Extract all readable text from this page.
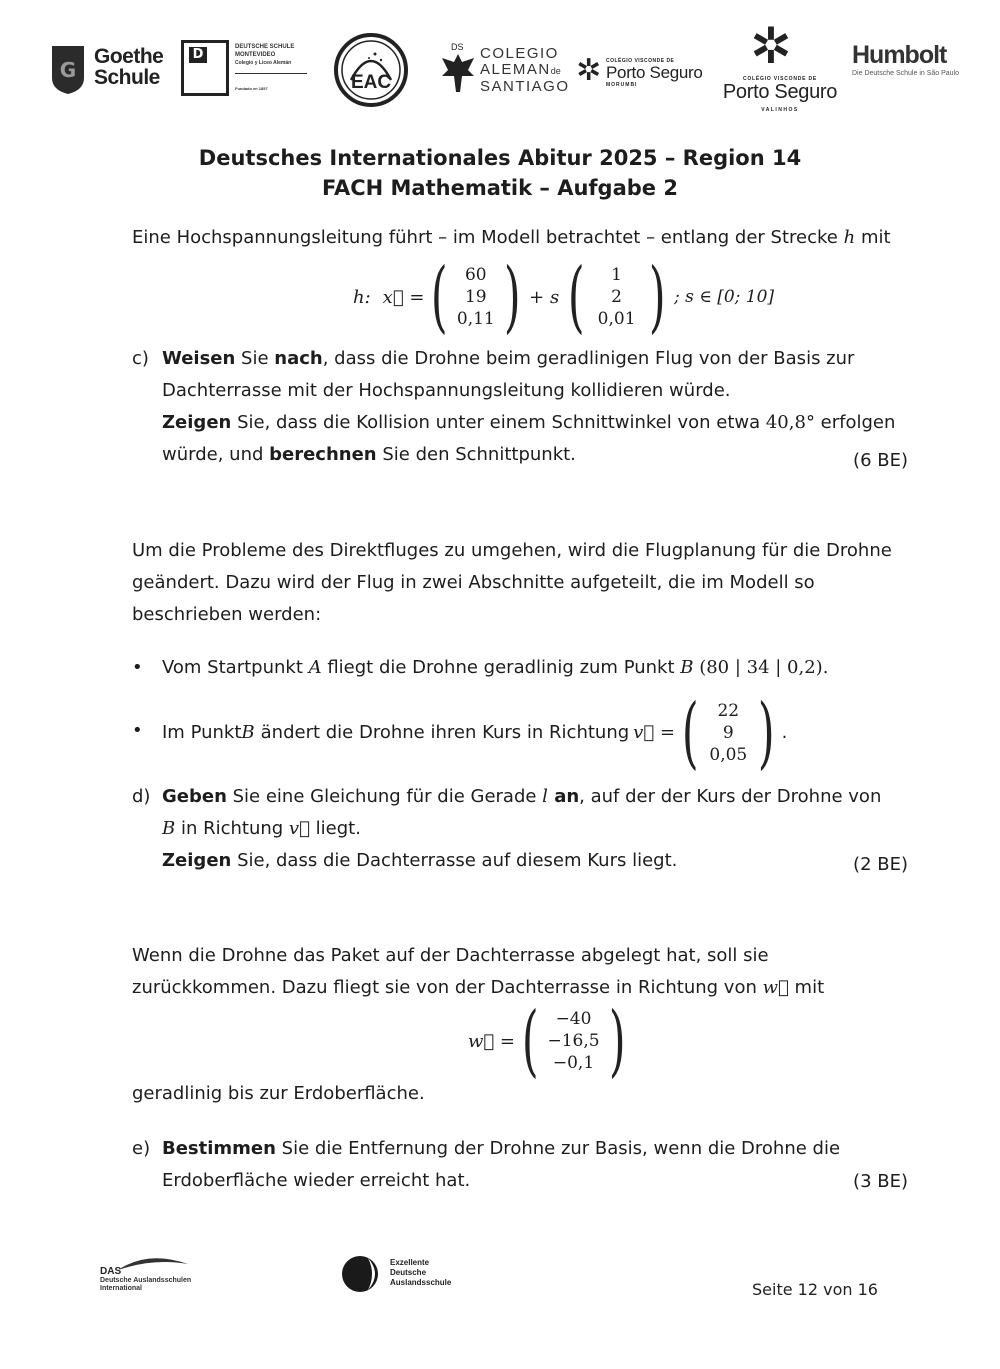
G
Goethe
Schule
D	DEUTSCHE SCHULE
MONTEVIDEO
Colegio y Liceo Alemán
Fundado en 1857	EAC
DS COLEGIO
ALEMANde
SANTIAGO ✲ COLÉGIO VISCONDE DE
Porto Seguro
MORUMBI
✲
COLÉGIO VISCONDE DE
Porto Seguro
VALINHOS
Humbolt
Die Deutsche Schule in São Paulo
Deutsches Internationales Abitur 2025 – Region 14
FACH Mathematik – Aufgabe 2
Eine Hochspannungsleitung führt – im Modell betrachtet – entlang der Strecke h mit
h: x⃗ = ( 60
19
0,11 ) + s ( 1
2
0,01 ) ; s ∈ [0; 10]
c) Weisen Sie nach, dass die Drohne beim geradlinigen Flug von der Basis zur
Dachterrasse mit der Hochspannungsleitung kollidieren würde.
Zeigen Sie, dass die Kollision unter einem Schnittwinkel von etwa 40,8° erfolgen
würde, und berechnen Sie den Schnittpunkt.	(6 BE)
Um die Probleme des Direktfluges zu umgehen, wird die Flugplanung für die Drohne
geändert. Dazu wird der Flug in zwei Abschnitte aufgeteilt, die im Modell so
beschrieben werden:
• Vom Startpunkt A fliegt die Drohne geradlinig zum Punkt B (80 | 34 | 0,2).
• Im Punkt B ändert die Drohne ihren Kurs in Richtung v⃗ = ( 22
9
0,05 ) .
d) Geben Sie eine Gleichung für die Gerade l an, auf der der Kurs der Drohne von
B in Richtung v⃗ liegt.
Zeigen Sie, dass die Dachterrasse auf diesem Kurs liegt.	(2 BE)
Wenn die Drohne das Paket auf der Dachterrasse abgelegt hat, soll sie
zurückkommen. Dazu fliegt sie von der Dachterrasse in Richtung von w⃗ mit
w⃗ = ( −40
−16,5
−0,1 )
geradlinig bis zur Erdoberfläche.
e) Bestimmen Sie die Entfernung der Drohne zur Basis, wenn die Drohne die
Erdoberfläche wieder erreicht hat.	(3 BE)
DAS
Deutsche Auslandsschulen
International
Exzellente
Deutsche
Auslandsschule	Seite 12 von 16
